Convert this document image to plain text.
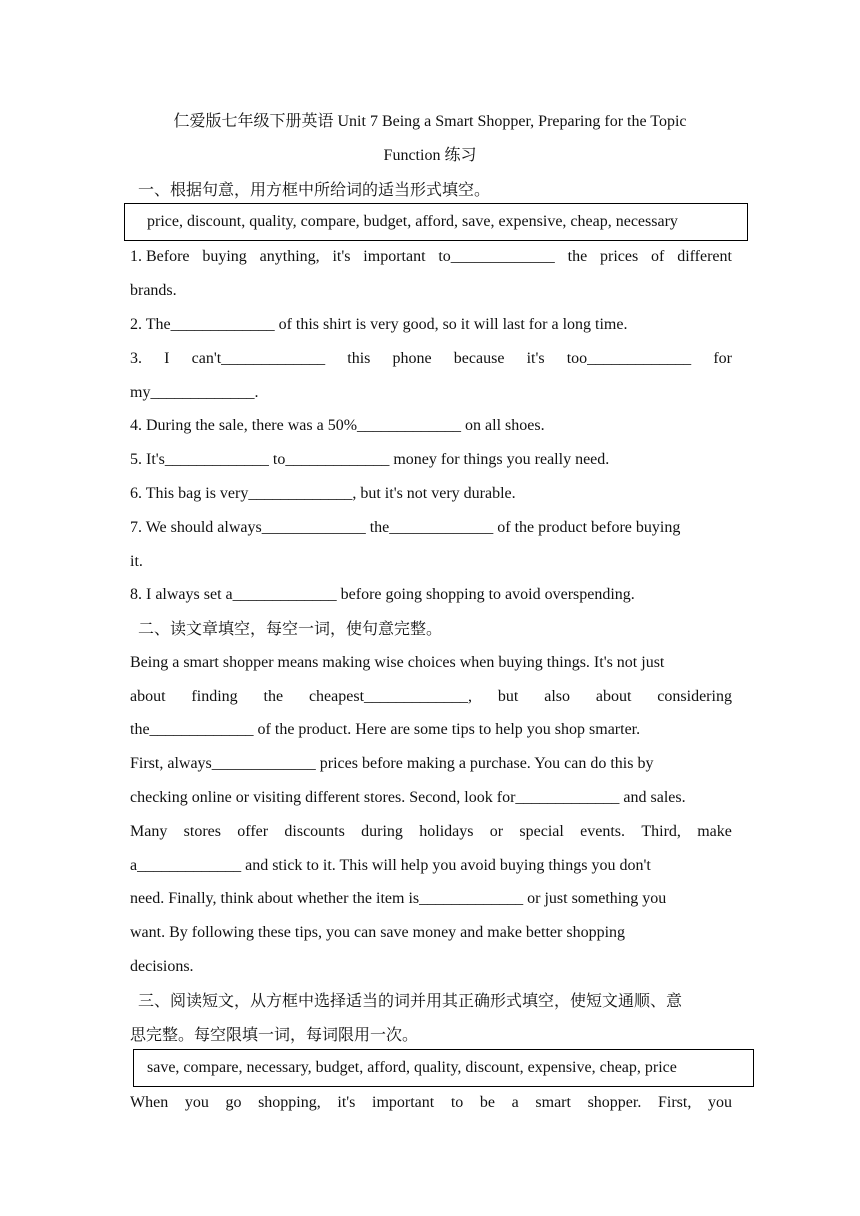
仁爱版七年级下册英语 Unit 7 Being a Smart Shopper, Preparing for the Topic
Function 练习
一、根据句意，用方框中所给词的适当形式填空。
price, discount, quality, compare, budget, afford, save, expensive, cheap, necessary
1. Before buying anything, it's important to_____________ the prices of different
brands.
2. The_____________ of this shirt is very good, so it will last for a long time.
3. I can't_____________ this phone because it's too_____________ for
my_____________.
4. During the sale, there was a 50%_____________ on all shoes.
5. It's_____________ to_____________ money for things you really need.
6. This bag is very_____________, but it's not very durable.
7. We should always_____________ the_____________ of the product before buying
it.
8. I always set a_____________ before going shopping to avoid overspending.
二、读文章填空，每空一词，使句意完整。
Being a smart shopper means making wise choices when buying things. It's not just
about finding the cheapest_____________, but also about considering
the_____________ of the product. Here are some tips to help you shop smarter.
First, always_____________ prices before making a purchase. You can do this by
checking online or visiting different stores. Second, look for_____________ and sales.
Many stores offer discounts during holidays or special events. Third, make
a_____________ and stick to it. This will help you avoid buying things you don't
need. Finally, think about whether the item is_____________ or just something you
want. By following these tips, you can save money and make better shopping
decisions.
三、阅读短文，从方框中选择适当的词并用其正确形式填空，使短文通顺、意
思完整。每空限填一词，每词限用一次。
save, compare, necessary, budget, afford, quality, discount, expensive, cheap, price
When you go shopping, it's important to be a smart shopper. First, you
